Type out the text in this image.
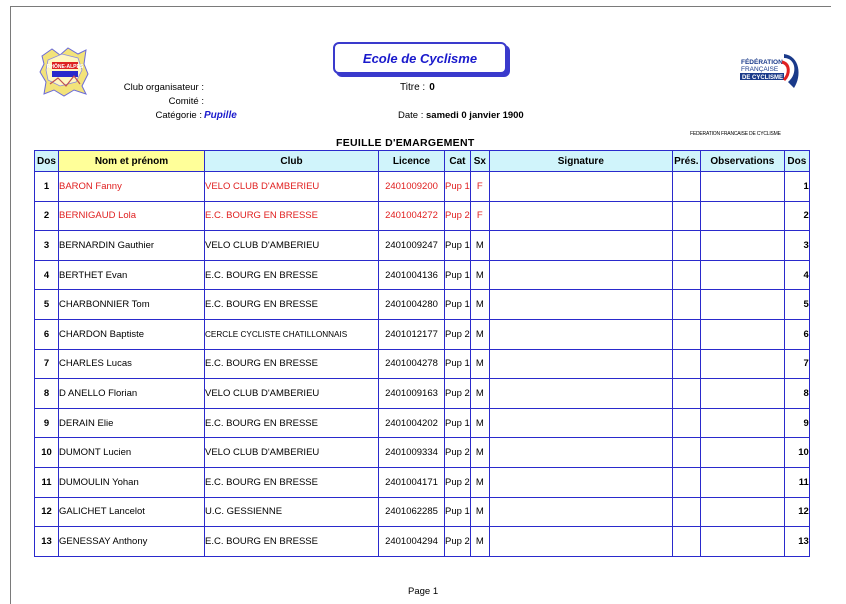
RHÔNE-ALPES
Club organisateur :
Comité :
Catégorie : Pupille
Ecole de Cyclisme
Titre : 0
Date : samedi 0 janvier 1900
FÉDÉRATION
FRANÇAISE
DE CYCLISME
FEDERATION FRANCAISE DE CYCLISME
FEUILLE D'EMARGEMENT
Dos	Nom et prénom	Club	Licence	Cat	Sx	Signature	Prés.	Observations	Dos
1	BARON Fanny	VELO CLUB D'AMBERIEU	2401009200	Pup 1	F				1
2	BERNIGAUD Lola	E.C. BOURG EN BRESSE	2401004272	Pup 2	F				2
3	BERNARDIN Gauthier	VELO CLUB D'AMBERIEU	2401009247	Pup 1	M				3
4	BERTHET Evan	E.C. BOURG EN BRESSE	2401004136	Pup 1	M				4
5	CHARBONNIER Tom	E.C. BOURG EN BRESSE	2401004280	Pup 1	M				5
6	CHARDON Baptiste	CERCLE CYCLISTE CHATILLONNAIS	2401012177	Pup 2	M				6
7	CHARLES Lucas	E.C. BOURG EN BRESSE	2401004278	Pup 1	M				7
8	D ANELLO Florian	VELO CLUB D'AMBERIEU	2401009163	Pup 2	M				8
9	DERAIN Elie	E.C. BOURG EN BRESSE	2401004202	Pup 1	M				9
10	DUMONT Lucien	VELO CLUB D'AMBERIEU	2401009334	Pup 2	M				10
11	DUMOULIN Yohan	E.C. BOURG EN BRESSE	2401004171	Pup 2	M				11
12	GALICHET Lancelot	U.C. GESSIENNE	2401062285	Pup 1	M				12
13	GENESSAY Anthony	E.C. BOURG EN BRESSE	2401004294	Pup 2	M				13
Page 1
